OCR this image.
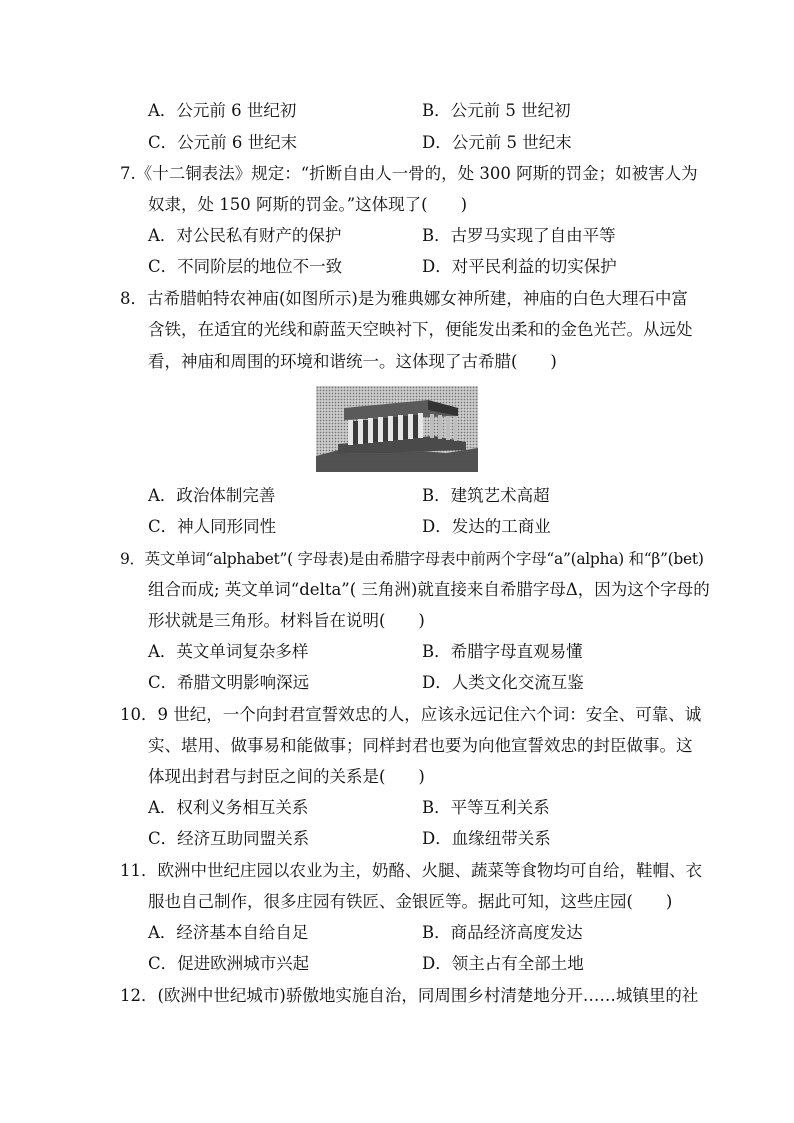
A．公元前 6 世纪初	B．公元前 5 世纪初
C．公元前 6 世纪末	D．公元前 5 世纪末
7.《十二铜表法》规定：“折断自由人一骨的，处 300 阿斯的罚金；如被害人为
奴隶，处 150 阿斯的罚金。”这体现了(　　)
A．对公民私有财产的保护	B．古罗马实现了自由平等
C．不同阶层的地位不一致	D．对平民利益的切实保护
8．古希腊帕特农神庙(如图所示)是为雅典娜女神所建，神庙的白色大理石中富
含铁，在适宜的光线和蔚蓝天空映衬下，便能发出柔和的金色光芒。从远处
看，神庙和周围的环境和谐统一。这体现了古希腊(　　)
A．政治体制完善	B．建筑艺术高超
C．神人同形同性	D．发达的工商业
9．英文单词“alphabet”( 字母表)是由希腊字母表中前两个字母“a”(alpha) 和“β”(bet)
组合而成; 英文单词“delta”( 三角洲)就直接来自希腊字母Δ，因为这个字母的
形状就是三角形。材料旨在说明(　　)
A．英文单词复杂多样	B．希腊字母直观易懂
C．希腊文明影响深远	D．人类文化交流互鉴
10．9 世纪，一个向封君宣誓效忠的人，应该永远记住六个词：安全、可靠、诚
实、堪用、做事易和能做事；同样封君也要为向他宣誓效忠的封臣做事。这
体现出封君与封臣之间的关系是(　　)
A．权利义务相互关系	B．平等互利关系
C．经济互助同盟关系	D．血缘纽带关系
11．欧洲中世纪庄园以农业为主，奶酪、火腿、蔬菜等食物均可自给，鞋帽、衣
服也自己制作，很多庄园有铁匠、金银匠等。据此可知，这些庄园(　　)
A．经济基本自给自足	B．商品经济高度发达
C．促进欧洲城市兴起	D．领主占有全部土地
12．(欧洲中世纪城市)骄傲地实施自治，同周围乡村清楚地分开……城镇里的社
